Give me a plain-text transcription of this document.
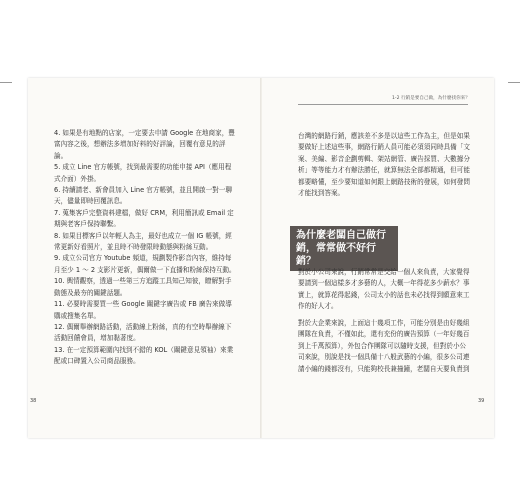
1-2 行銷是要自己做，為什麼找你來？
4. 如果是有地點的店家，一定要去申請 Google 在地商家，豐富內容之後，想辦法多增加好料的好評論，回覆有意見的評論。
5. 成立 Line 官方帳號，找到最需要的功能申接 API（應用程式介面）外掛。
6. 持續請老、新會員加入 Line 官方帳號，並且開啟一對一聊天，儘量即時回覆訊息。
7. 蒐集客戶完整資料建檔，做好 CRM，利用簡訊或 Email 定期與老客戶保持聯繫。
8. 如果目標客戶以年輕人為主，最好也成立一個 IG 帳號，經常更新好看照片，並且時不時發限時動態與粉絲互動。
9. 成立公司官方 Youtube 頻道，規劃製作影音內容，維持每月至少 1 ～ 2 支影片更新，偶爾做一下直播和粉絲保持互動。
10. 輿情觀察，透過一些第三方追蹤工具知己知彼，瞭解對手動態及最夯的關鍵話題。
11. 必要時需要買一些 Google 關鍵字廣告或 FB 廣告來做導購或搜集名單。
12. 偶爾舉辦網路活動，活動線上粉絲，真的有空時舉辦線下活動回饋會員，增加黏著度。
13. 在一定預算範圍內找到不錯的 KOL（關鍵意見領袖）來業配或口碑置入公司商品服務。
38

台灣的網路行銷，應該差不多是以這些工作為主，但是如果要做好上述這些事，網路行銷人員可能必須須同時具備「文案、美編、影音企劃剪輯、架站網管、廣告採買、大數據分析」等等能力才有辦法勝任，就算無法全部都精通，但可能都要略懂，至少要知道如何跟上網路技術的發展，如何發問才能找到答案。

為什麼老闆自己做行銷，常常做不好行銷？
對於小公司來說，行銷常常是交給一個人來負責，大家覺得要請到一個這樣多才多藝的人，大概一年得花多少薪水？事實上，就算花得起錢，公司太小的話也未必找得到願意來工作的好人才。
對於大企業來說，上面這十幾項工作，可能分別是由好幾組團隊在負責，不僅如此，還有充份的廣告預算（一年好幾百到上千萬預算），外包合作團隊可以隨時支援，但對於小公司來說，別說是找一個具備十八般武藝的小編，很多公司連請小編的錢都沒有，只能夠校長兼撞鐘，老闆自天要負責到
39
